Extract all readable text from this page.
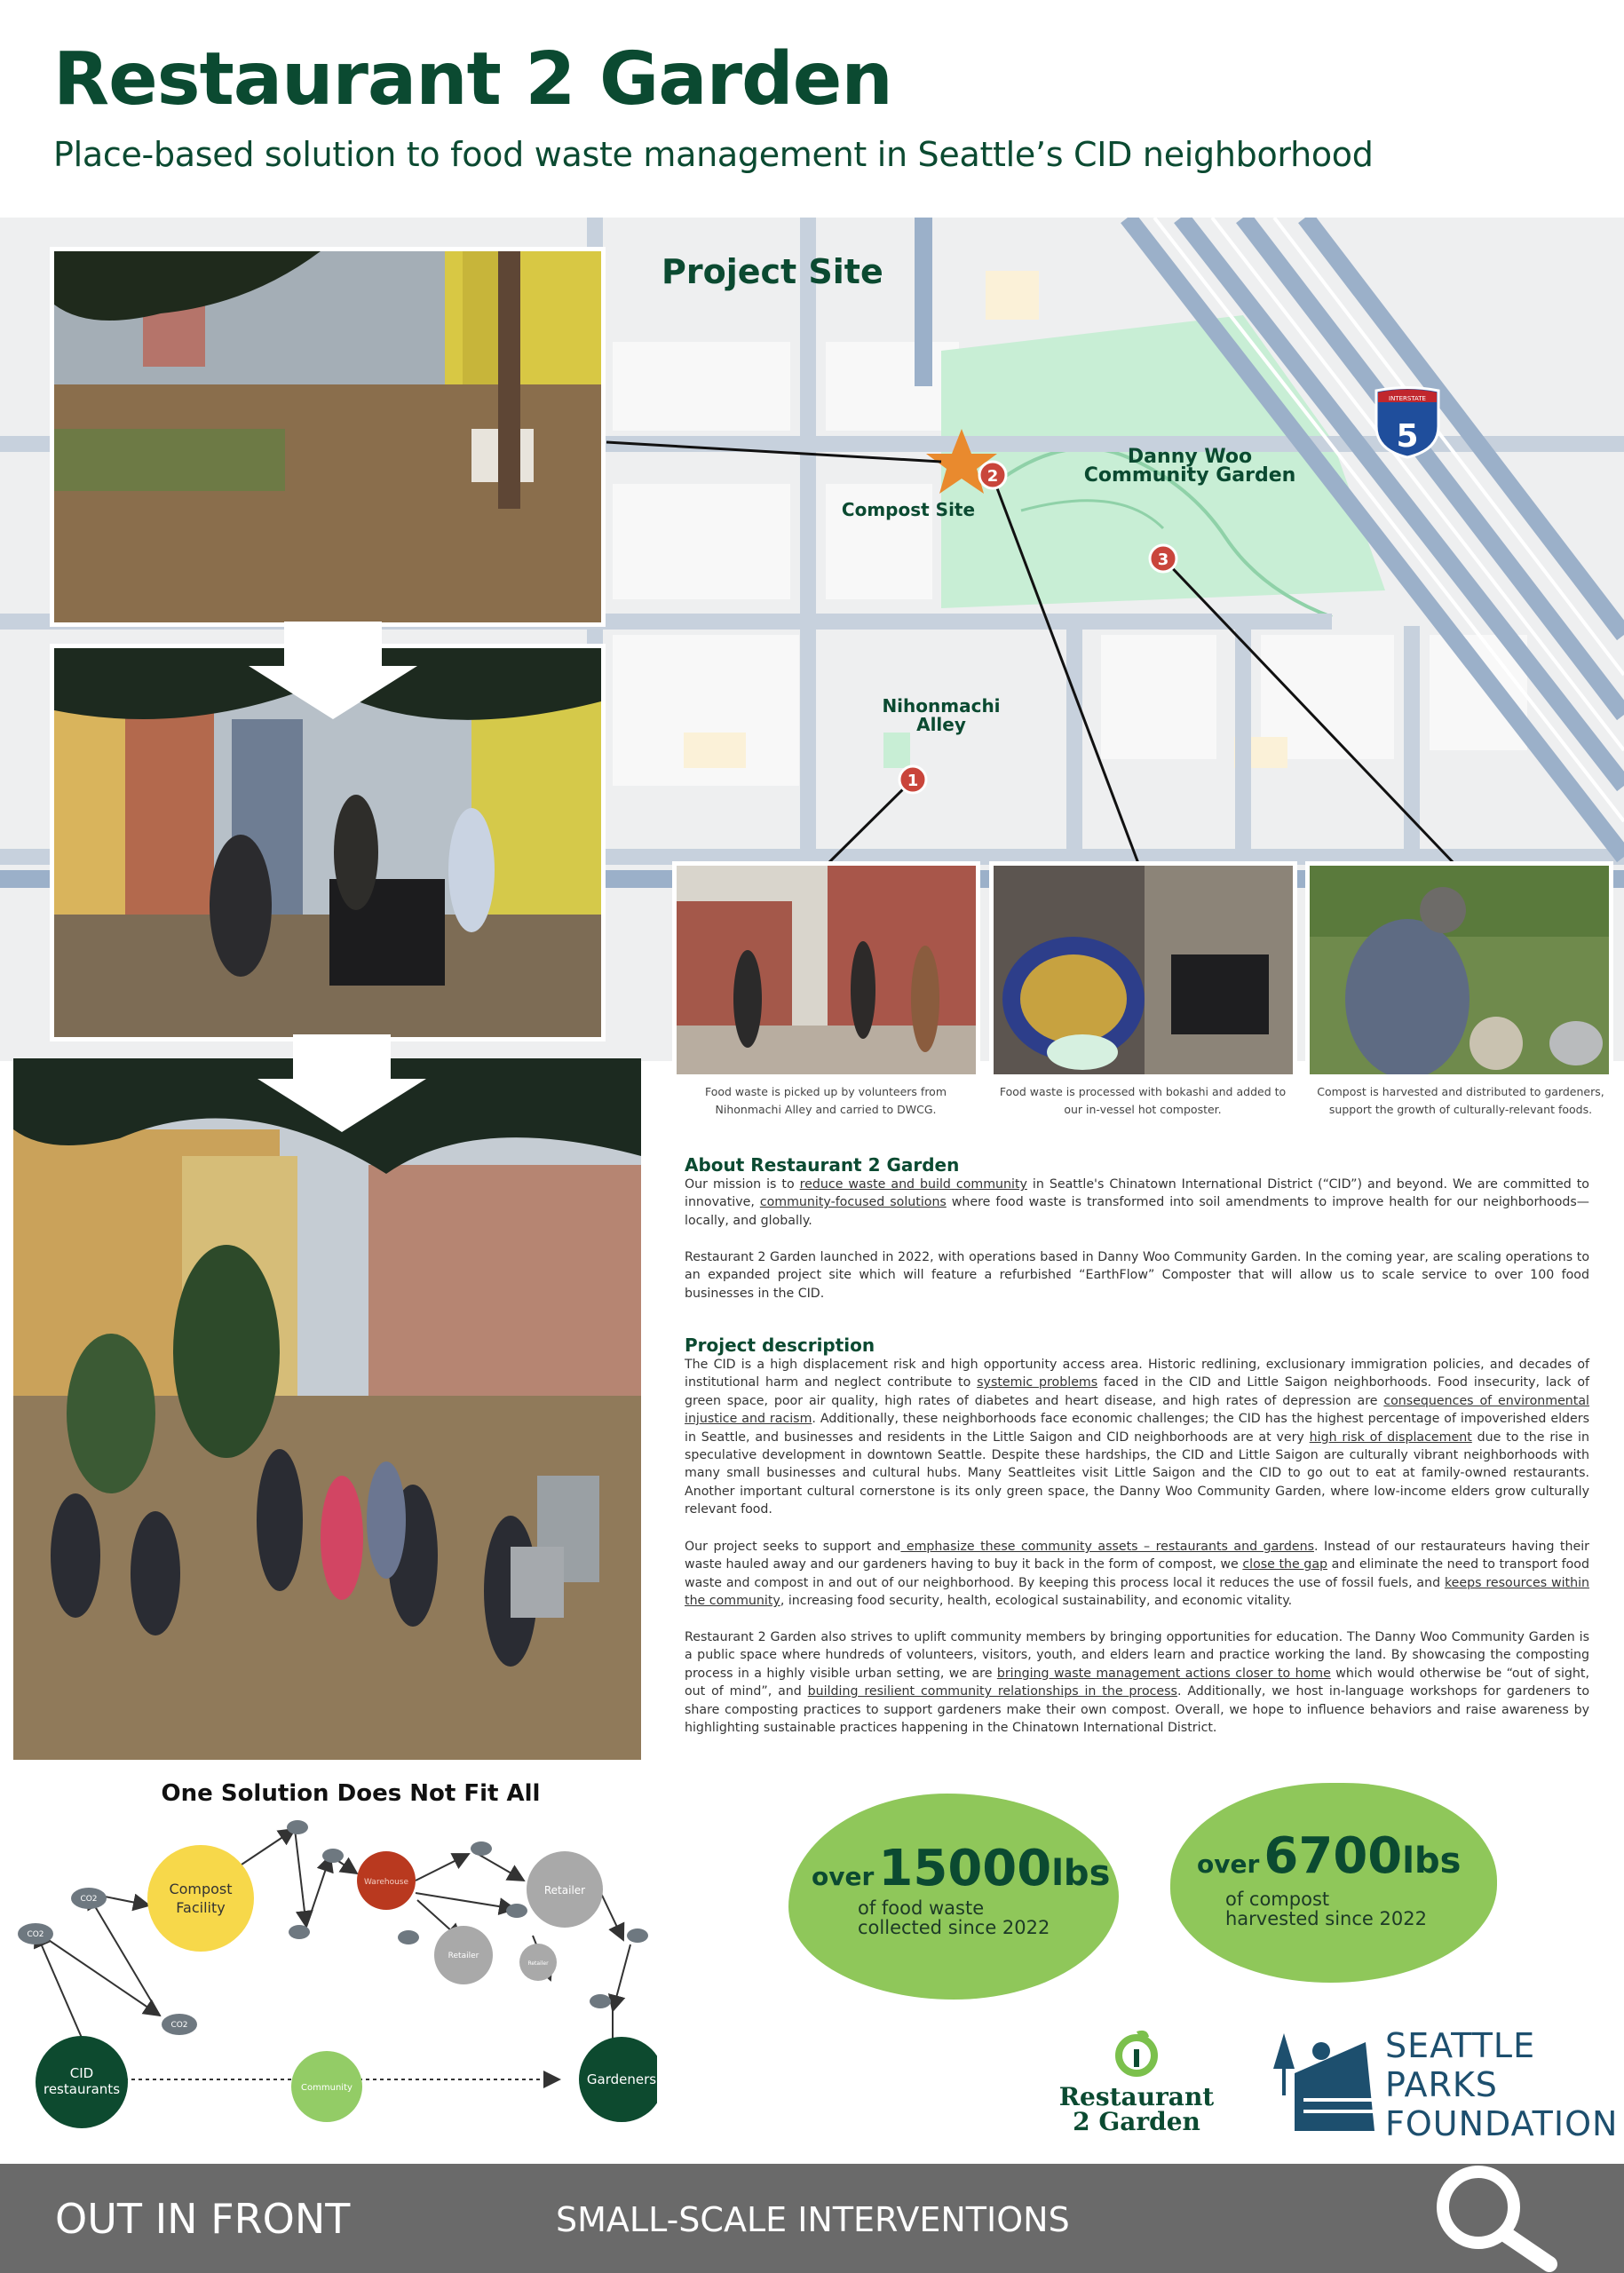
Restaurant 2 Garden
Place-based solution to food waste management in Seattle’s CID neighborhood
INTERSTATE
5
2
3
1
Project Site
Compost Site
Danny Woo
Community Garden
Nihonmachi
Alley
Food waste is picked up by volunteers from Nihonmachi Alley and carried to DWCG.
Food waste is processed with bokashi and added to our in-vessel hot composter.
Compost is harvested and distributed to gardeners, support the growth of culturally-relevant foods.
About Restaurant 2 Garden
Our mission is to reduce waste and build community in Seattle's Chinatown International District (“CID”) and beyond. We are committed to innovative, community-focused solutions where food waste is transformed into soil amendments to improve health for our neighborhoods— locally, and globally.
Restaurant 2 Garden launched in 2022, with operations based in Danny Woo Community Garden. In the coming year, are scaling operations to an expanded project site which will feature a refurbished “EarthFlow” Composter that will allow us to scale service to over 100 food businesses in the CID.
Project description
The CID is a high displacement risk and high opportunity access area. Historic redlining, exclusionary immigration policies, and decades of institutional harm and neglect contribute to systemic problems faced in the CID and Little Saigon neighborhoods. Food insecurity, lack of green space, poor air quality, high rates of diabetes and heart disease, and high rates of depression are consequences of environmental injustice and racism. Additionally, these neighborhoods face economic challenges; the CID has the highest percentage of impoverished elders in Seattle, and businesses and residents in the Little Saigon and CID neighborhoods are at very high risk of displacement due to the rise in speculative development in downtown Seattle. Despite these hardships, the CID and Little Saigon are culturally vibrant neighborhoods with many small businesses and cultural hubs. Many Seattleites visit Little Saigon and the CID to go out to eat at family-owned restaurants. Another important cultural cornerstone is its only green space, the Danny Woo Community Garden, where low-income elders grow culturally relevant food.
Our project seeks to support and emphasize these community assets – restaurants and gardens. Instead of our restaurateurs having their waste hauled away and our gardeners having to buy it back in the form of compost, we close the gap and eliminate the need to transport food waste and compost in and out of our neighborhood. By keeping this process local it reduces the use of fossil fuels, and keeps resources within the community, increasing food security, health, ecological sustainability, and economic vitality.
Restaurant 2 Garden also strives to uplift community members by bringing opportunities for education. The Danny Woo Community Garden is a public space where hundreds of volunteers, visitors, youth, and elders learn and practice working the land. By showcasing the composting process in a highly visible urban setting, we are bringing waste management actions closer to home which would otherwise be “out of sight, out of mind”, and building resilient community relationships in the process. Additionally, we host in-language workshops for gardeners to share composting practices to support gardeners make their own compost. Overall, we hope to influence behaviors and raise awareness by highlighting sustainable practices happening in the Chinatown International District.
One Solution Does Not Fit All
CO2
CO2
CO2
Compost
Facility
Warehouse
Retailer
Retailer
Retailer
CID
restaurants	Community
Gardeners
over 15000lbs
of food waste
collected since 2022
over 6700lbs
of compost
harvested since 2022
Restaurant
2 Garden
SEATTLE
PARKS
FOUNDATION
OUT IN FRONT	SMALL-SCALE INTERVENTIONS
